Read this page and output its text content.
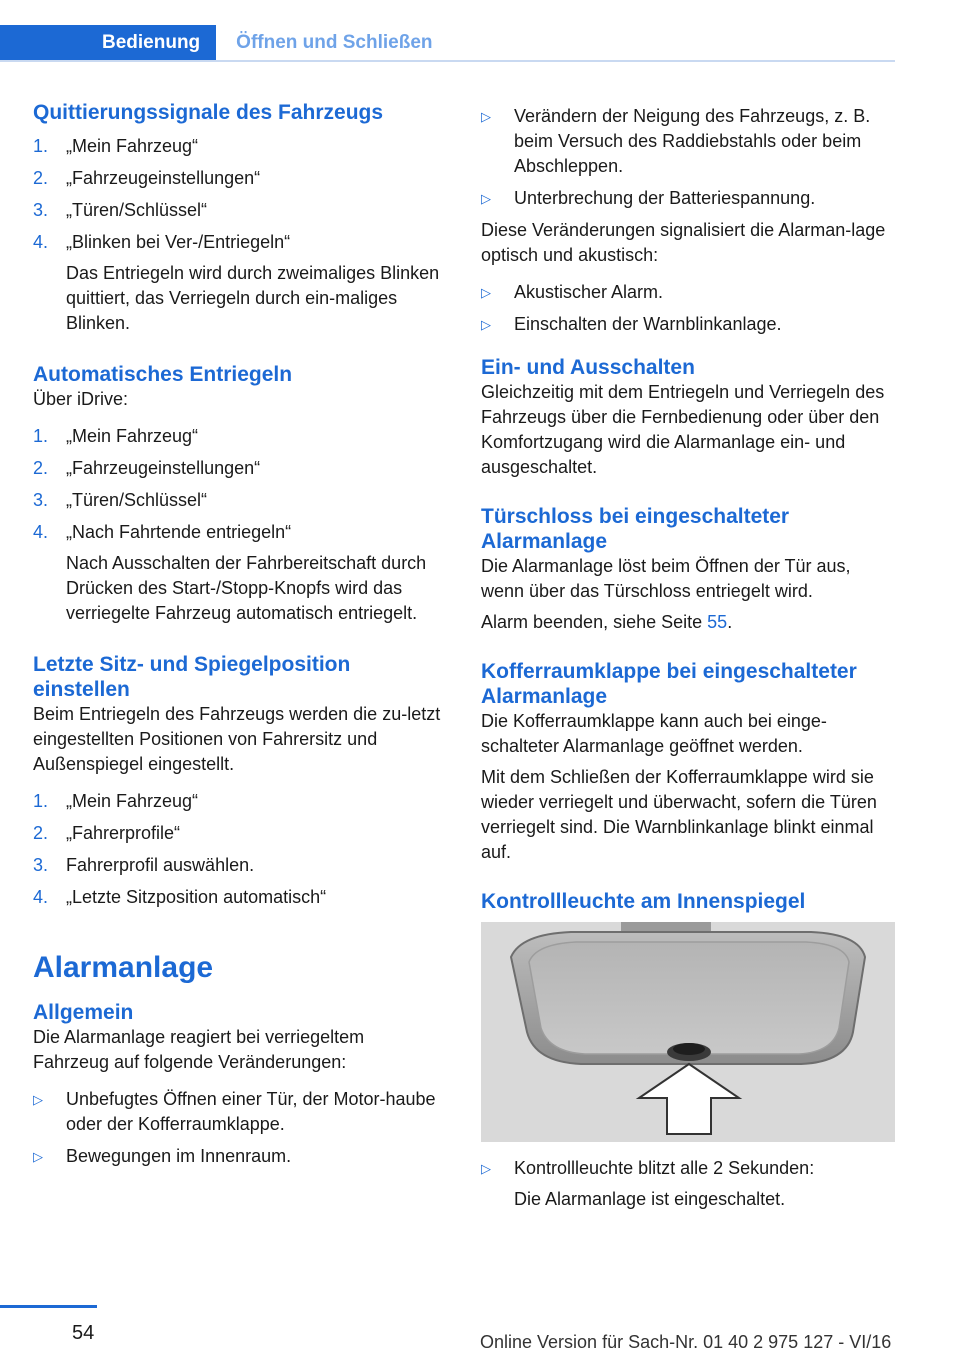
Bedienung	Öffnen und Schließen
Quittierungssignale des Fahrzeugs
1. „Mein Fahrzeug“
2. „Fahrzeugeinstellungen“
3. „Türen/Schlüssel“
4. „Blinken bei Ver-/Entriegeln“
Das Entriegeln wird durch zweimaliges Blinken quittiert, das Verriegeln durch ein-maliges Blinken.
Automatisches Entriegeln

Über iDrive:

1. „Mein Fahrzeug“
2. „Fahrzeugeinstellungen“
3. „Türen/Schlüssel“
4. „Nach Fahrtende entriegeln“
Nach Ausschalten der Fahrbereitschaft durch Drücken des Start-/Stopp-Knopfs wird das verriegelte Fahrzeug automatisch entriegelt.
Letzte Sitz- und Spiegelposition einstellen

Beim Entriegeln des Fahrzeugs werden die zu-letzt eingestellten Positionen von Fahrersitz und Außenspiegel eingestellt.

1. „Mein Fahrzeug“
2. „Fahrerprofile“
3. Fahrerprofil auswählen.
4. „Letzte Sitzposition automatisch“
Alarmanlage
Allgemein

Die Alarmanlage reagiert bei verriegeltem Fahrzeug auf folgende Veränderungen:

▷ Unbefugtes Öffnen einer Tür, der Motor-haube oder der Kofferraumklappe.
▷ Bewegungen im Innenraum.
▷ Verändern der Neigung des Fahrzeugs, z. B. beim Versuch des Raddiebstahls oder beim Abschleppen.
▷ Unterbrechung der Batteriespannung.

Diese Veränderungen signalisiert die Alarman-lage optisch und akustisch:

▷ Akustischer Alarm.
▷ Einschalten der Warnblinkanlage.
Ein- und Ausschalten

Gleichzeitig mit dem Entriegeln und Verriegeln des Fahrzeugs über die Fernbedienung oder über den Komfortzugang wird die Alarmanlage ein- und ausgeschaltet.

Türschloss bei eingeschalteter Alarmanlage

Die Alarmanlage löst beim Öffnen der Tür aus, wenn über das Türschloss entriegelt wird.

Alarm beenden, siehe Seite 55.

Kofferraumklappe bei eingeschalteter Alarmanlage

Die Kofferraumklappe kann auch bei einge-schalteter Alarmanlage geöffnet werden.

Mit dem Schließen der Kofferraumklappe wird sie wieder verriegelt und überwacht, sofern die Türen verriegelt sind. Die Warnblinkanlage blinkt einmal auf.

Kontrollleuchte am Innenspiegel
▷ Kontrollleuchte blitzt alle 2 Sekunden:
Die Alarmanlage ist eingeschaltet.
54	Online Version für Sach-Nr. 01 40 2 975 127 - VI/16
